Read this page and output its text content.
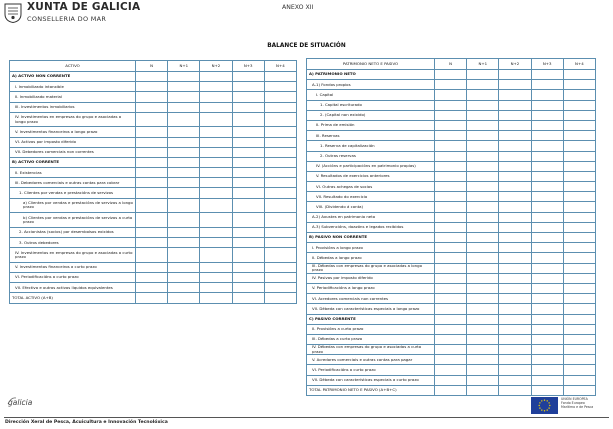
XUNTA DE GALICIA
CONSELLERIA DO MAR
ANEXO XII
BALANCE DE SITUACIÓN
ACTIVO	N	N+1	N+2	N+3	N+4
A) ACTIVO NON CORRENTE					
I. Inmobilizado intanxible					
II. Inmobilizado material					
III. Investimentos inmobiliarios					
IV. Investimentos en empresas do grupo e asociadas a longo prazo					
V. Investimentos financeiros a longo prazo					
VI. Activos por imposto diferido					
VII. Debedores comerciais non correntes					
B) ACTIVO CORRENTE					
II. Existencias					
III. Debedores comerciais e outras contas para cobrar					
1. Clientes por vendas e prestacións de servizos					
a) Clientes por vendas e prestacións de servizos a longo prazo					
b) Clientes por vendas e prestacións de servizos a curto prazo					
2. Accionistas (socios) por desembolsos exixidos					
3. Outros debedores					
IV. Investimentos en empresas do grupo e asociadas a curto prazo					
V. Investimentos financeiros a curto prazo					
VI. Periodificacións a curto prazo					
VII. Efectivo e outros activos líquidos equivalentes					
TOTAL ACTIVO (A+B)					
PATRIMONIO NETO E PASIVO	N	N+1	N+2	N+3	N+4
A) PATRIMONIO NETO					
A-1) Fondos propios					
I. Capital					
1. Capital escriturado					
2. (Capital non exixido)					
II. Prima de emisión					
III. Reservas					
1. Reserva de capitalización					
2. Outras reservas					
IV. (Accións e participacións en patrimonio propias)					
V. Resultados de exercicios anteriores					
VI. Outras achegas de socios					
VII. Resultado do exercicio					
VIII. (Dividendo á conta)					
A-2) Axustes en patrimonio neto					
A-3) Subvencións, doazóns e legados recibidos					
B) PASIVO NON CORRENTE					
I. Provisións a longo prazo					
II. Débedas a longo prazo					
III. Débedas con empresas do grupo e asociadas a longo prazo					
IV. Pasivos por imposto diferido					
V. Periodificacións a longo prazo					
VI. Acredores comerciais non correntes					
VII. Débeda con características especiais a longo prazo					
C) PASIVO CORRENTE					
II. Provisións a curto prazo					
III. Débedas a curto prazo					
IV. Débedas con empresas do grupo e asociadas a curto prazo					
V. Acredores comerciais e outras contas para pagar					
VI. Periodificacións a curto prazo					
VII. Débeda con características especiais a curto prazo					
TOTAL PATRIMONIO NETO E PASIVO (A+B+C)					
galicia	UNIÓN EUROPEA
Fondo Europeo
Marítimo e de Pesca
Dirección Xeral de Pesca, Acuicultura e Innovación Tecnolóxica
